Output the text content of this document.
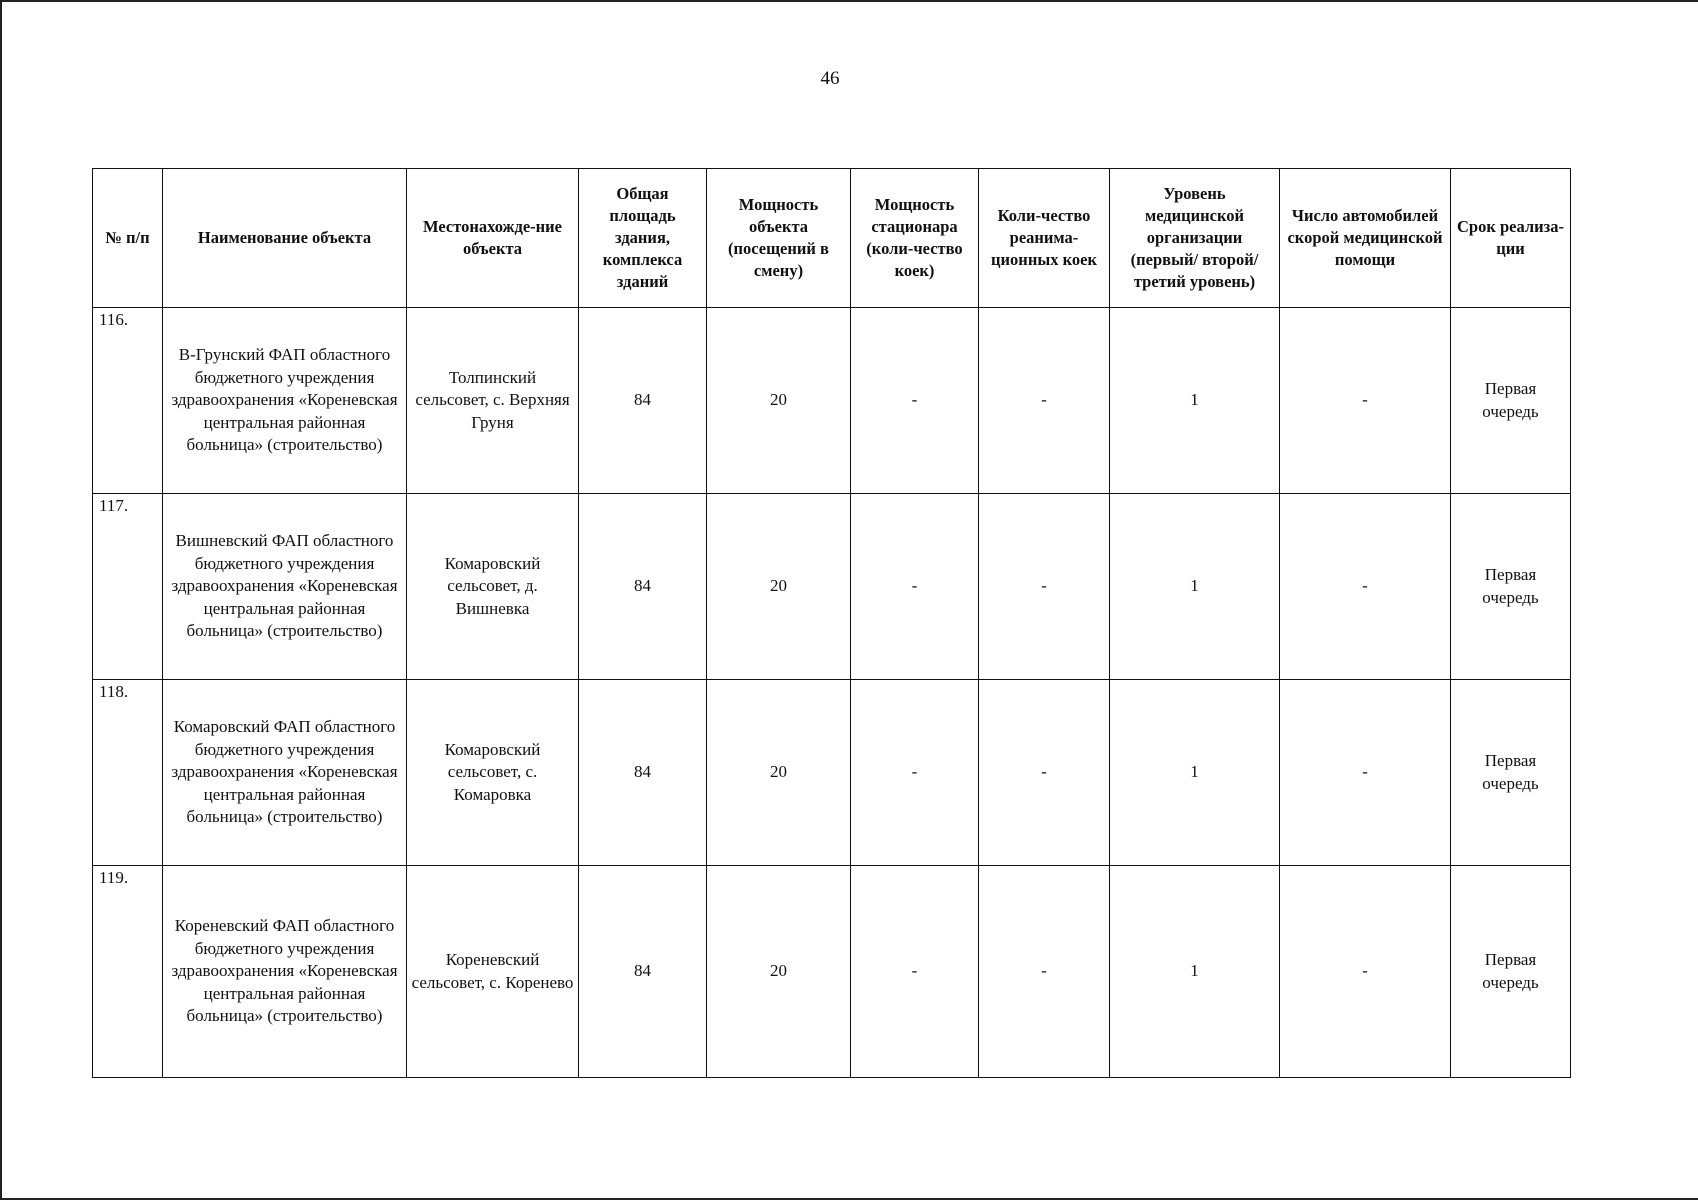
46
№ п/п	Наименование объекта	Местонахожде-ние объекта	Общая площадь здания, комплекса зданий	Мощность объекта (посещений в смену)	Мощность стационара (коли-чество коек)	Коли-чество реанима-ционных коек	Уровень медицинской организации (первый/ второй/ третий уровень)	Число автомобилей скорой медицинской помощи	Срок реализа-ции
116.	В-Грунский ФАП областного бюджетного учреждения здравоохранения «Кореневская центральная районная больница» (строительство)	Толпинский сельсовет, с. Верхняя Груня	84	20	-	-	1	-	Первая очередь
117.	Вишневский ФАП областного бюджетного учреждения здравоохранения «Кореневская центральная районная больница» (строительство)	Комаровский сельсовет, д. Вишневка	84	20	-	-	1	-	Первая очередь
118.	Комаровский ФАП областного бюджетного учреждения здравоохранения «Кореневская центральная районная больница» (строительство)	Комаровский сельсовет, с. Комаровка	84	20	-	-	1	-	Первая очередь
119.	Кореневский ФАП областного бюджетного учреждения здравоохранения «Кореневская центральная районная больница» (строительство)	Кореневский сельсовет, с. Коренево	84	20	-	-	1	-	Первая очередь
